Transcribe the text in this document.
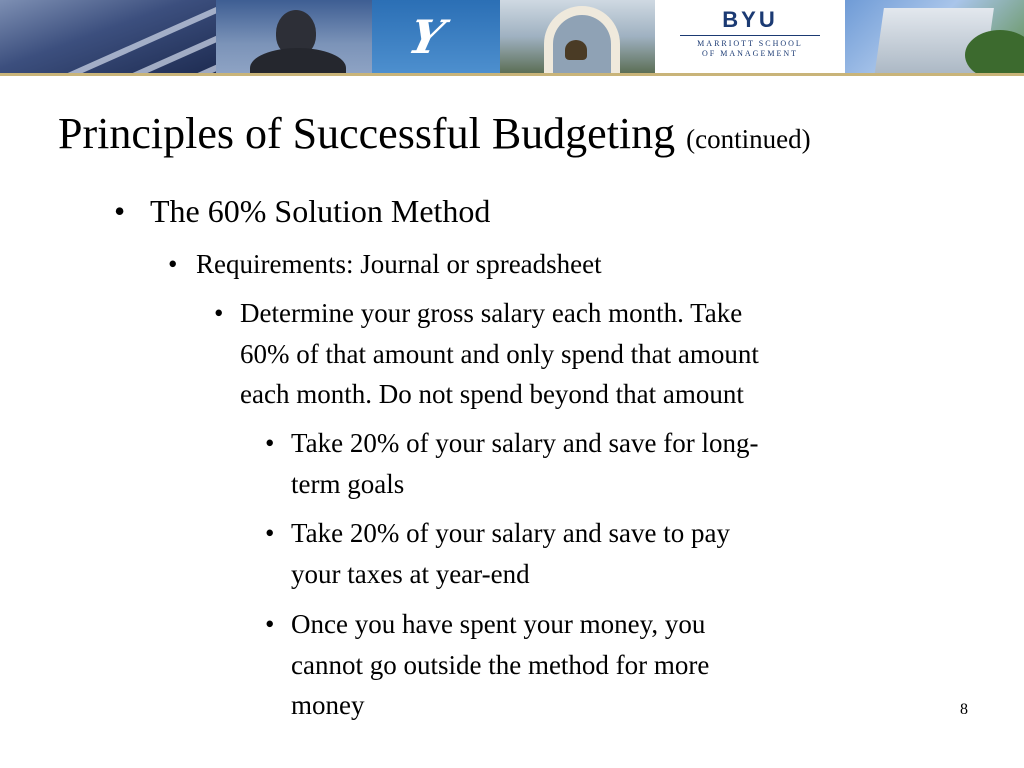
Y	BYU
MARRIOTT SCHOOL
OF MANAGEMENT
Principles of Successful Budgeting (continued)

• The 60% Solution Method

• Requirements: Journal or spreadsheet

• Determine your gross salary each month. Take
60% of that amount and only spend that amount
each month. Do not spend beyond that amount

• Take 20% of your salary and save for long-
term goals

• Take 20% of your salary and save to pay
your taxes at year-end

• Once you have spent your money, you
cannot go outside the method for more
money	8
